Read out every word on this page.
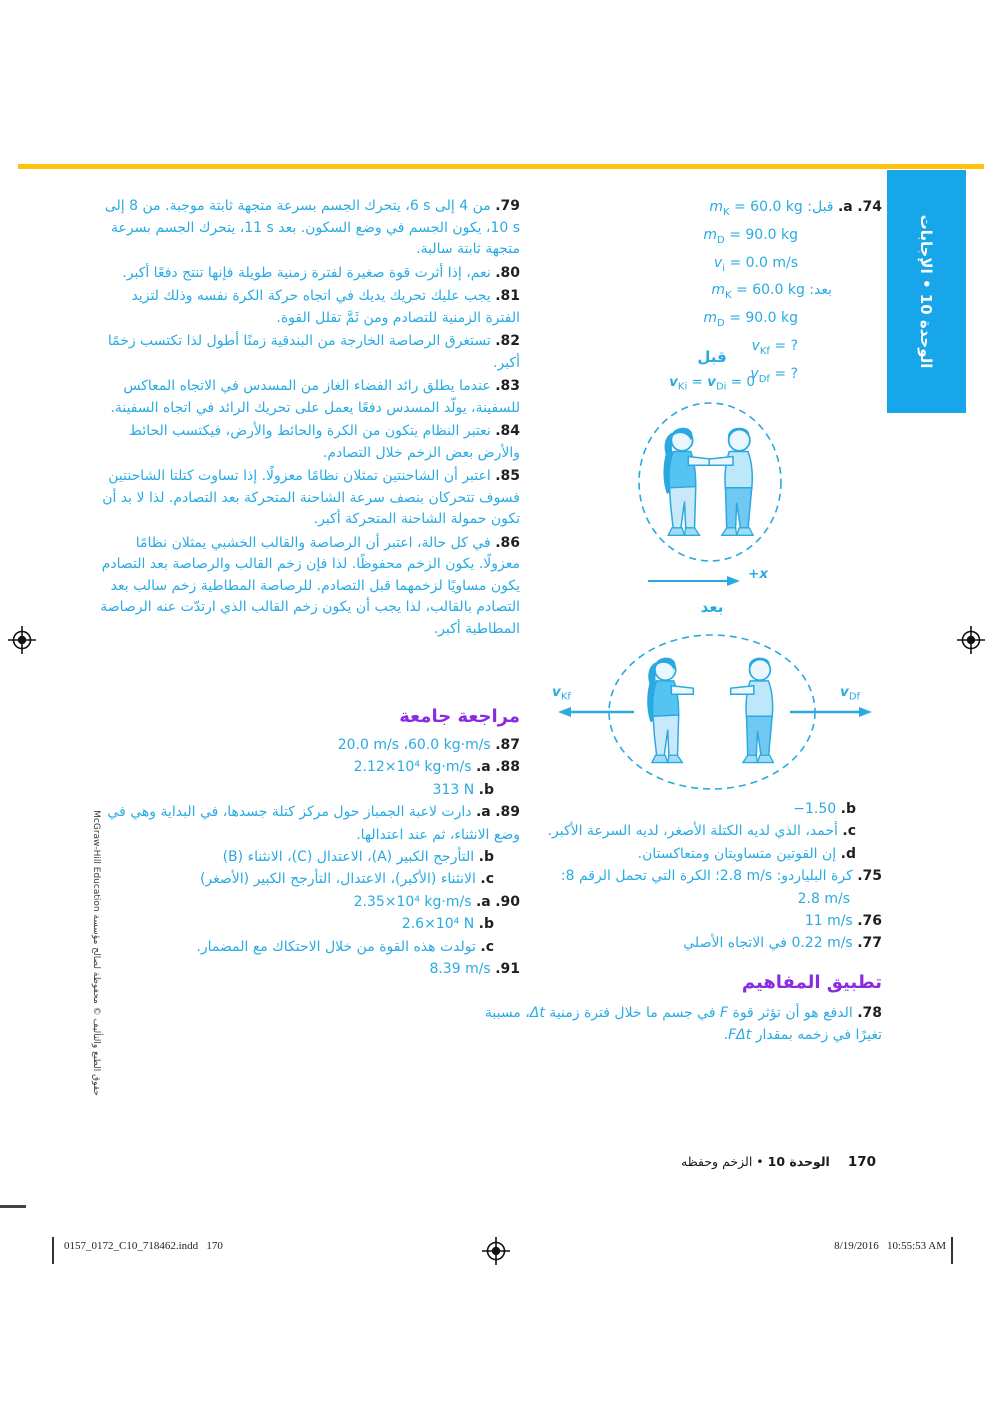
الوحدة 10 • الإجابات
74. a. قبل: $m_K = 60.0$ kg
$m_D = 90.0$ kg
$v_i = 0.0$ m/s
بعد: $m_K = 60.0$ kg
$m_D = 90.0$ kg
$v_{Kf}$ = ?
$v_{Df}$ = ?
قبل
$v_{Ki} = v_{Di} = 0$
+x
بعد
$v_{Kf}$	$v_{Df}$
b. −1.50
c. أحمد، الذي لديه الكتلة الأصغر، لديه السرعة الأكبر.
d. إن القوتين متساويتان ومتعاكستان.
75. كرة البلياردو: 2.8 m/s؛ الكرة التي تحمل الرقم 8:
2.8 m/s
76. 11 m/s
77. 0.22 m/s في الاتجاه الأصلي
تطبيق المفاهيم
78. الدفع هو أن تؤثر قوة F في جسم ما خلال فترة زمنية Δt، مسببة تغيرًا في زخمه بمقدار FΔt.
79. من 4 إلى 6 s، يتحرك الجسم بسرعة متجهة ثابتة موجبة. من 8 إلى 10 s، يكون الجسم في وضع السكون. بعد 11 s، يتحرك الجسم بسرعة متجهة ثابتة سالبة.
80. نعم، إذا أثرت قوة صغيرة لفترة زمنية طويلة فإنها تنتج دفعًا أكبر.
81. يجب عليك تحريك يديك في اتجاه حركة الكرة نفسه وذلك لتزيد الفترة الزمنية للتصادم ومن ثَمَّ تقلل القوة.
82. تستغرق الرصاصة الخارجة من البندقية زمنًا أطول لذا تكتسب زخمًا أكبر.
83. عندما يطلق رائد الفضاء الغاز من المسدس في الاتجاه المعاكس للسفينة، يولّد المسدس دفعًا يعمل على تحريك الرائد في اتجاه السفينة.
84. نعتبر النظام يتكون من الكرة والحائط والأرض، فيكتسب الحائط والأرض بعض الزخم خلال التصادم.
85. اعتبر أن الشاحنتين تمثلان نظامًا معزولًا. إذا تساوت كتلتا الشاحنتين فسوف تتحركان بنصف سرعة الشاحنة المتحركة بعد التصادم. لذا لا بد أن تكون حمولة الشاحنة المتحركة أكبر.
86. في كل حالة، اعتبر أن الرصاصة والقالب الخشبي يمثلان نظامًا معزولًا. يكون الزخم محفوظًا. لذا فإن زخم القالب والرصاصة بعد التصادم يكون مساويًا لزخمهما قبل التصادم. للرصاصة المطاطية زخم سالب بعد التصادم بالقالب، لذا يجب أن يكون زخم القالب الذي ارتدّت عنه الرصاصة المطاطية أكبر.
مراجعة جامعة
87. 60.0 kg·m/s، 20.0 m/s
88. a. 2.12×10⁴ kg·m/s
b. 313 N
89. a. دارت لاعبة الجمباز حول مركز كتلة جسدها، في البداية وهي في وضع الانثناء، ثم عند اعتدالها.
b. التأرجح الكبير (A)، الاعتدال (C)، الانثناء (B)
c. الانثناء (الأكبر)، الاعتدال، التأرجح الكبير (الأصغر)
90. a. 2.35×10⁴ kg·m/s
b. 2.6×10⁴ N
c. تولدت هذه القوة من خلال الاحتكاك مع المضمار.
91. 8.39 m/s
حقوق الطبع والتأليف © محفوظة لصالح مؤسسة McGraw-Hill Education
170 الوحدة 10 • الزخم وحفظه
0157_0172_C10_718462.indd   170	8/19/2016   10:55:53 AM
